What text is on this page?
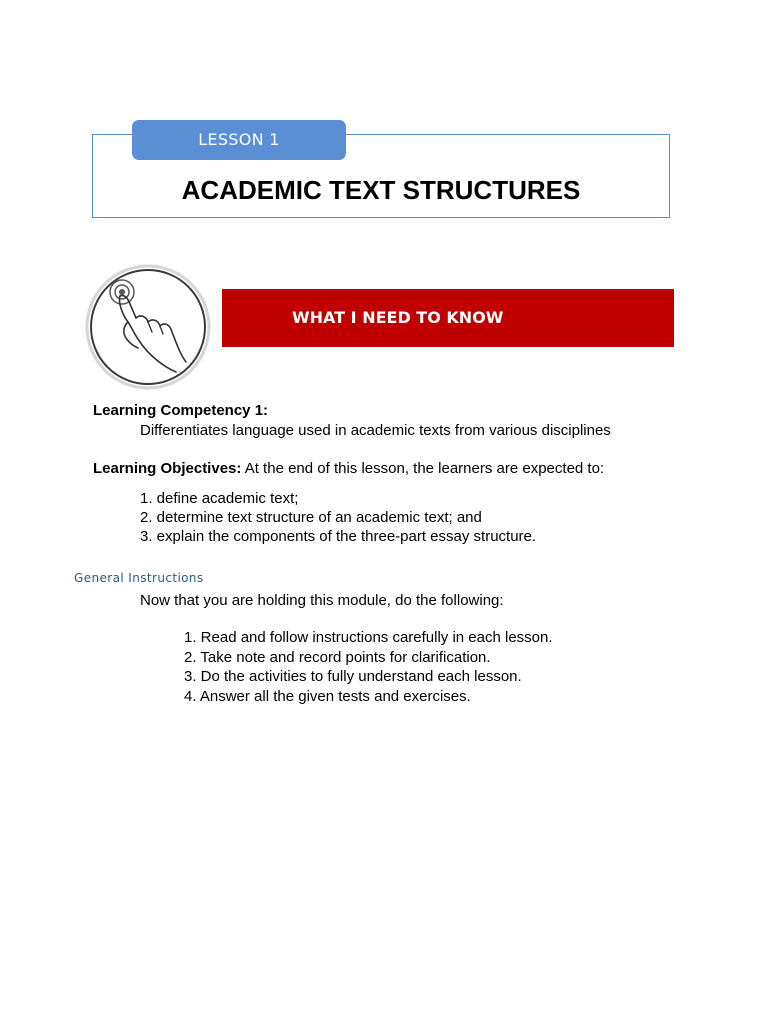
LESSON 1
ACADEMIC TEXT STRUCTURES
WHAT I NEED TO KNOW
Learning Competency 1:
Differentiates language used in academic texts from various disciplines
Learning Objectives: At the end of this lesson, the learners are expected to:
1. define academic text;
2. determine text structure of an academic text; and
3. explain the components of the three-part essay structure.
General Instructions
Now that you are holding this module, do the following:
1. Read and follow instructions carefully in each lesson.
2. Take note and record points for clarification.
3. Do the activities to fully understand each lesson.
4. Answer all the given tests and exercises.
